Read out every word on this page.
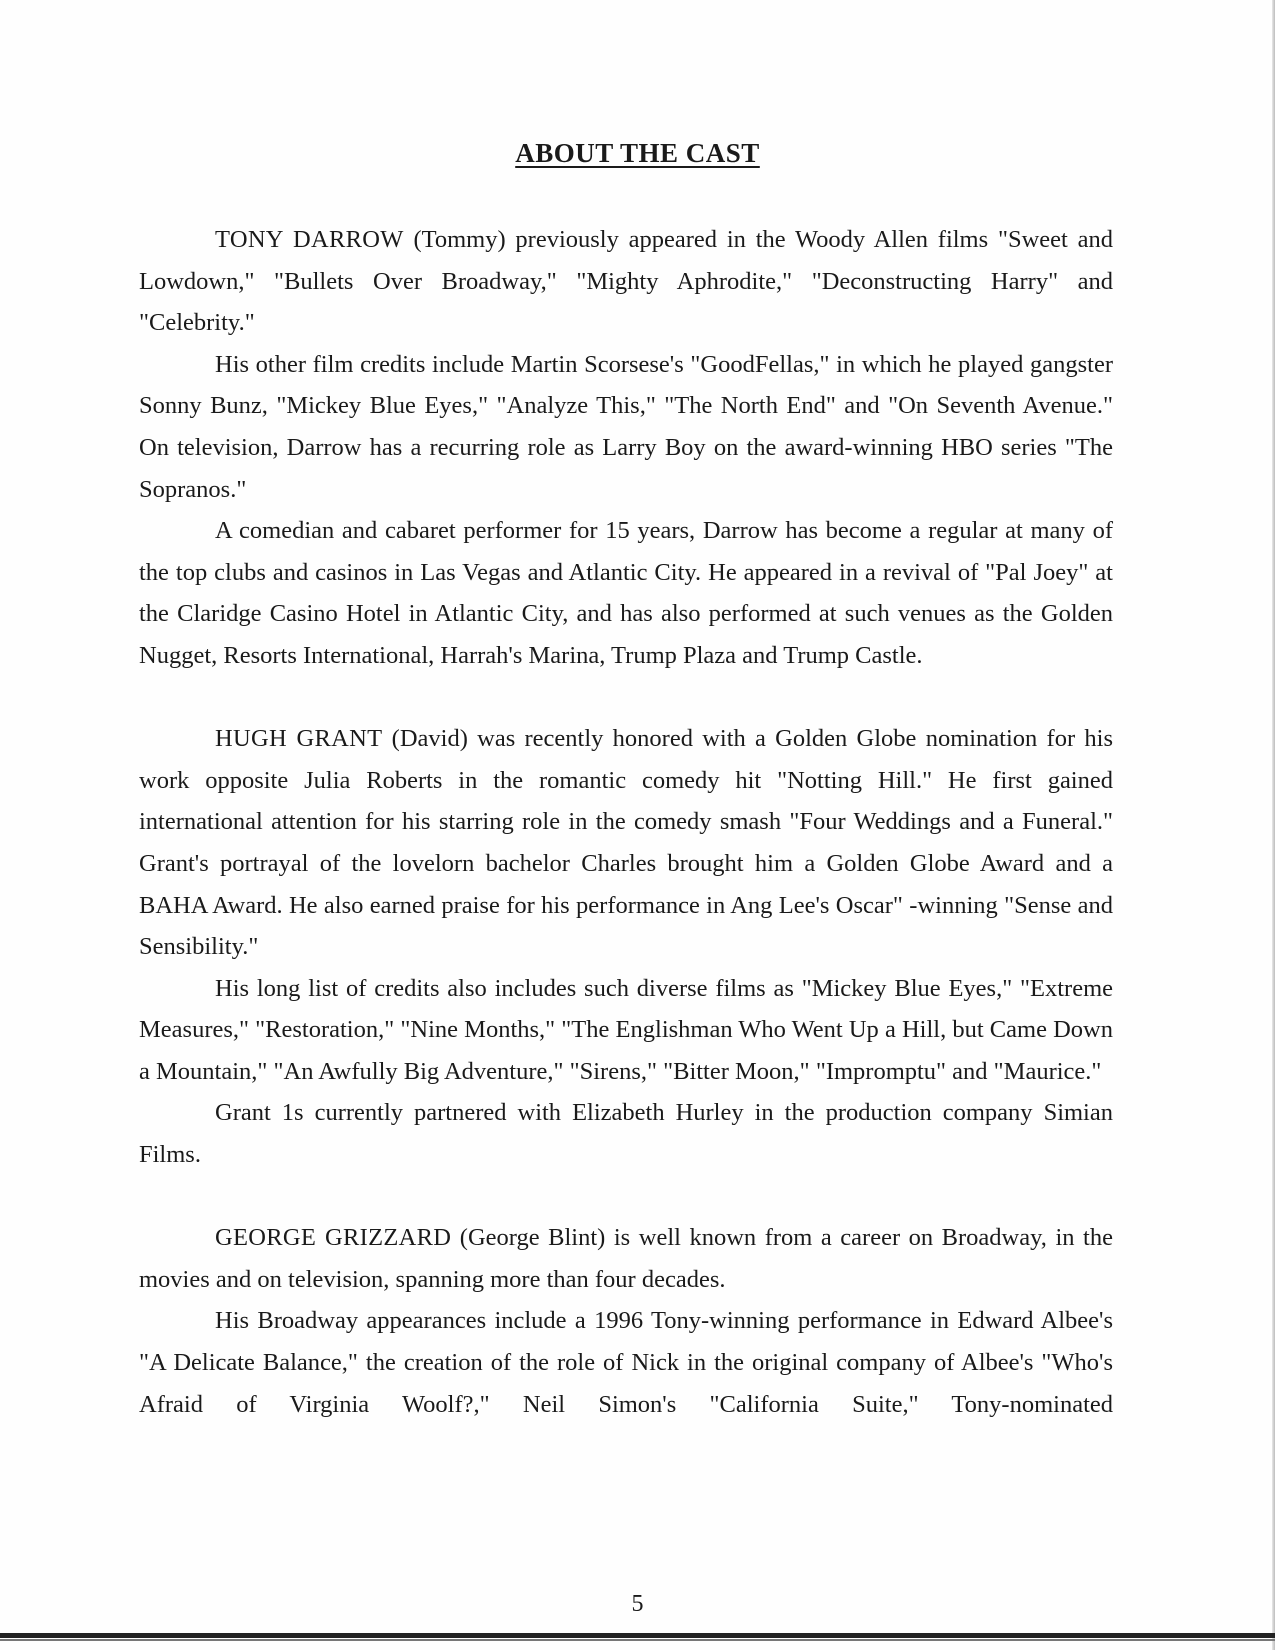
ABOUT THE CAST

TONY DARROW (Tommy) previously appeared in the Woody Allen films "Sweet and Lowdown," "Bullets Over Broadway," "Mighty Aphrodite," "Deconstructing Harry" and "Celebrity."

His other film credits include Martin Scorsese's "GoodFellas," in which he played gangster Sonny Bunz, "Mickey Blue Eyes," "Analyze This," "The North End" and "On Seventh Avenue." On television, Darrow has a recurring role as Larry Boy on the award-winning HBO series "The Sopranos."

A comedian and cabaret performer for 15 years, Darrow has become a regular at many of the top clubs and casinos in Las Vegas and Atlantic City. He appeared in a revival of "Pal Joey" at the Claridge Casino Hotel in Atlantic City, and has also performed at such venues as the Golden Nugget, Resorts International, Harrah's Marina, Trump Plaza and Trump Castle.

HUGH GRANT (David) was recently honored with a Golden Globe nomination for his work opposite Julia Roberts in the romantic comedy hit "Notting Hill." He first gained international attention for his starring role in the comedy smash "Four Weddings and a Funeral." Grant's portrayal of the lovelorn bachelor Charles brought him a Golden Globe Award and a BAHA Award. He also earned praise for his performance in Ang Lee's Oscar" -winning "Sense and Sensibility."

His long list of credits also includes such diverse films as "Mickey Blue Eyes," "Extreme Measures," "Restoration," "Nine Months," "The Englishman Who Went Up a Hill, but Came Down a Mountain," "An Awfully Big Adventure," "Sirens," "Bitter Moon," "Impromptu" and "Maurice."

Grant 1s currently partnered with Elizabeth Hurley in the production company Simian Films.

GEORGE GRIZZARD (George Blint) is well known from a career on Broadway, in the movies and on television, spanning more than four decades.

His Broadway appearances include a 1996 Tony-winning performance in Edward Albee's "A Delicate Balance," the creation of the role of Nick in the original company of Albee's "Who's Afraid of Virginia Woolf?," Neil Simon's "California Suite," Tony-nominated

5
